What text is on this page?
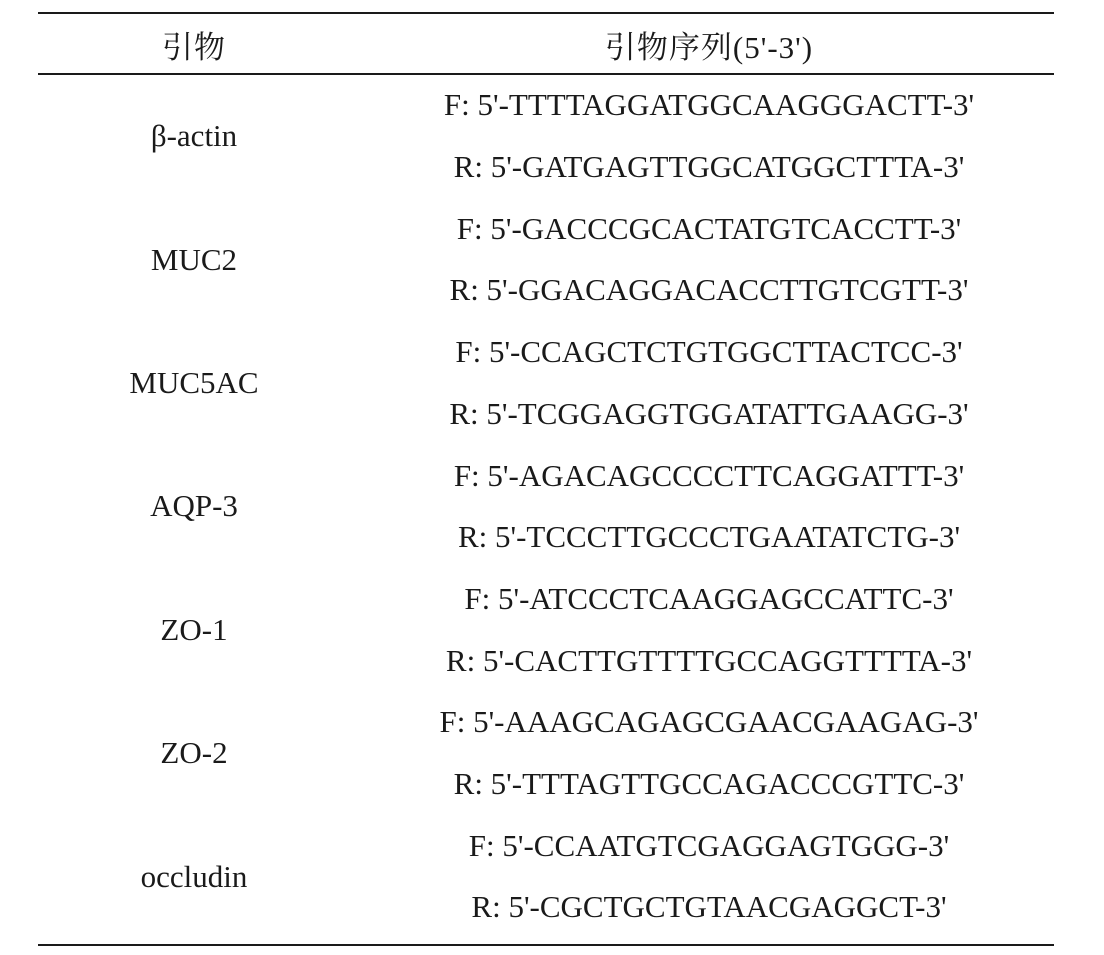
引物	引物序列(5'-3')
β-actin
F: 5'-TTTTAGGATGGCAAGGGACTT-3'
R: 5'-GATGAGTTGGCATGGCTTTA-3'
MUC2
F: 5'-GACCCGCACTATGTCACCTT-3'
R: 5'-GGACAGGACACCTTGTCGTT-3'
MUC5AC
F: 5'-CCAGCTCTGTGGCTTACTCC-3'
R: 5'-TCGGAGGTGGATATTGAAGG-3'
AQP-3
F: 5'-AGACAGCCCCTTCAGGATTT-3'
R: 5'-TCCCTTGCCCTGAATATCTG-3'
ZO-1
F: 5'-ATCCCTCAAGGAGCCATTC-3'
R: 5'-CACTTGTTTTGCCAGGTTTTA-3'
ZO-2
F: 5'-AAAGCAGAGCGAACGAAGAG-3'
R: 5'-TTTAGTTGCCAGACCCGTTC-3'
occludin
F: 5'-CCAATGTCGAGGAGTGGG-3'
R: 5'-CGCTGCTGTAACGAGGCT-3'
